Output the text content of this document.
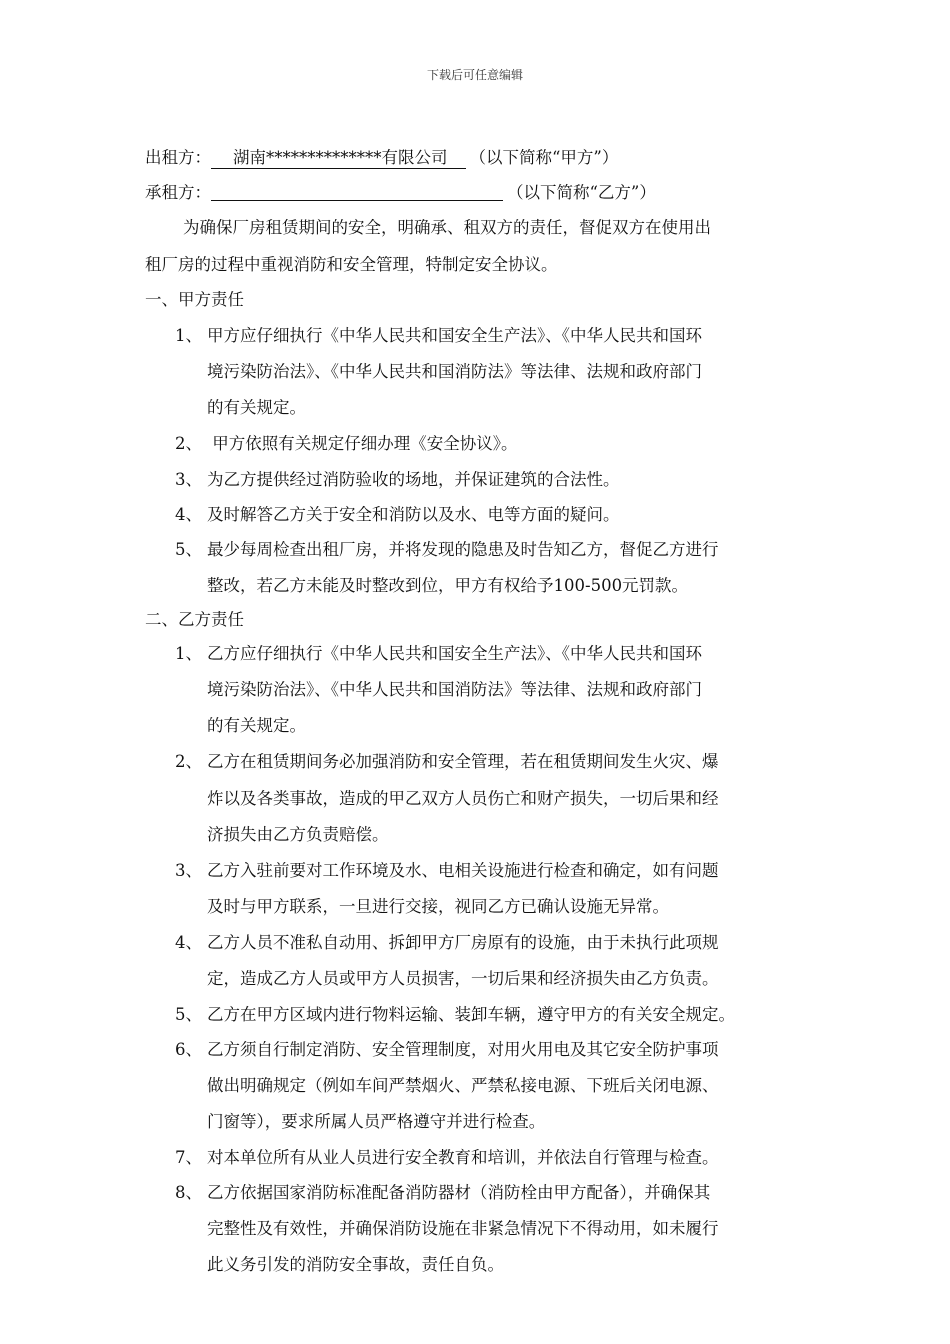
下载后可任意编辑
出租方： 湖南**************有限公司 （以下简称“甲方”）
承租方：	（以下简称“乙方”）
为确保厂房租赁期间的安全，明确承、租双方的责任，督促双方在使用出
租厂房的过程中重视消防和安全管理，特制定安全协议。
一、甲方责任
1、 甲方应仔细执行《中华人民共和国安全生产法》、《中华人民共和国环
境污染防治法》、《中华人民共和国消防法》等法律、法规和政府部门
的有关规定。
2、 甲方依照有关规定仔细办理《安全协议》。
3、 为乙方提供经过消防验收的场地，并保证建筑的合法性。
4、 及时解答乙方关于安全和消防以及水、电等方面的疑问。
5、 最少每周检查出租厂房，并将发现的隐患及时告知乙方，督促乙方进行
整改，若乙方未能及时整改到位，甲方有权给予100-500元罚款。
二、乙方责任
1、 乙方应仔细执行《中华人民共和国安全生产法》、《中华人民共和国环
境污染防治法》、《中华人民共和国消防法》等法律、法规和政府部门
的有关规定。
2、 乙方在租赁期间务必加强消防和安全管理，若在租赁期间发生火灾、爆
炸以及各类事故，造成的甲乙双方人员伤亡和财产损失，一切后果和经
济损失由乙方负责赔偿。
3、 乙方入驻前要对工作环境及水、电相关设施进行检查和确定，如有问题
及时与甲方联系，一旦进行交接，视同乙方已确认设施无异常。
4、 乙方人员不准私自动用、拆卸甲方厂房原有的设施，由于未执行此项规
定，造成乙方人员或甲方人员损害，一切后果和经济损失由乙方负责。
5、 乙方在甲方区域内进行物料运输、装卸车辆，遵守甲方的有关安全规定。
6、 乙方须自行制定消防、安全管理制度，对用火用电及其它安全防护事项
做出明确规定（例如车间严禁烟火、严禁私接电源、下班后关闭电源、
门窗等），要求所属人员严格遵守并进行检查。
7、 对本单位所有从业人员进行安全教育和培训，并依法自行管理与检查。
8、 乙方依据国家消防标准配备消防器材（消防栓由甲方配备），并确保其
完整性及有效性，并确保消防设施在非紧急情况下不得动用，如未履行
此义务引发的消防安全事故，责任自负。
